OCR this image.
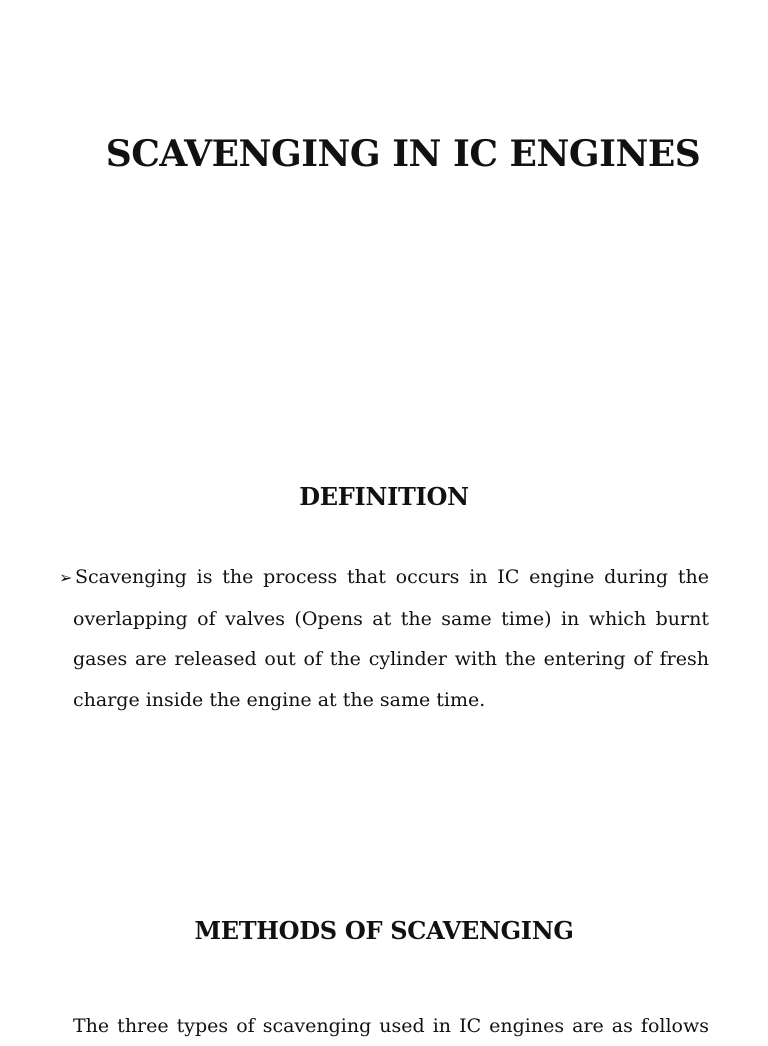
SCAVENGING IN IC ENGINES
DEFINITION
➢ Scavenging is the process that occurs in IC engine during the
overlapping of valves (Opens at the same time) in which burnt
gases are released out of the cylinder with the entering of fresh
charge inside the engine at the same time.
METHODS OF SCAVENGING
The three types of scavenging used in IC engines are as follows
